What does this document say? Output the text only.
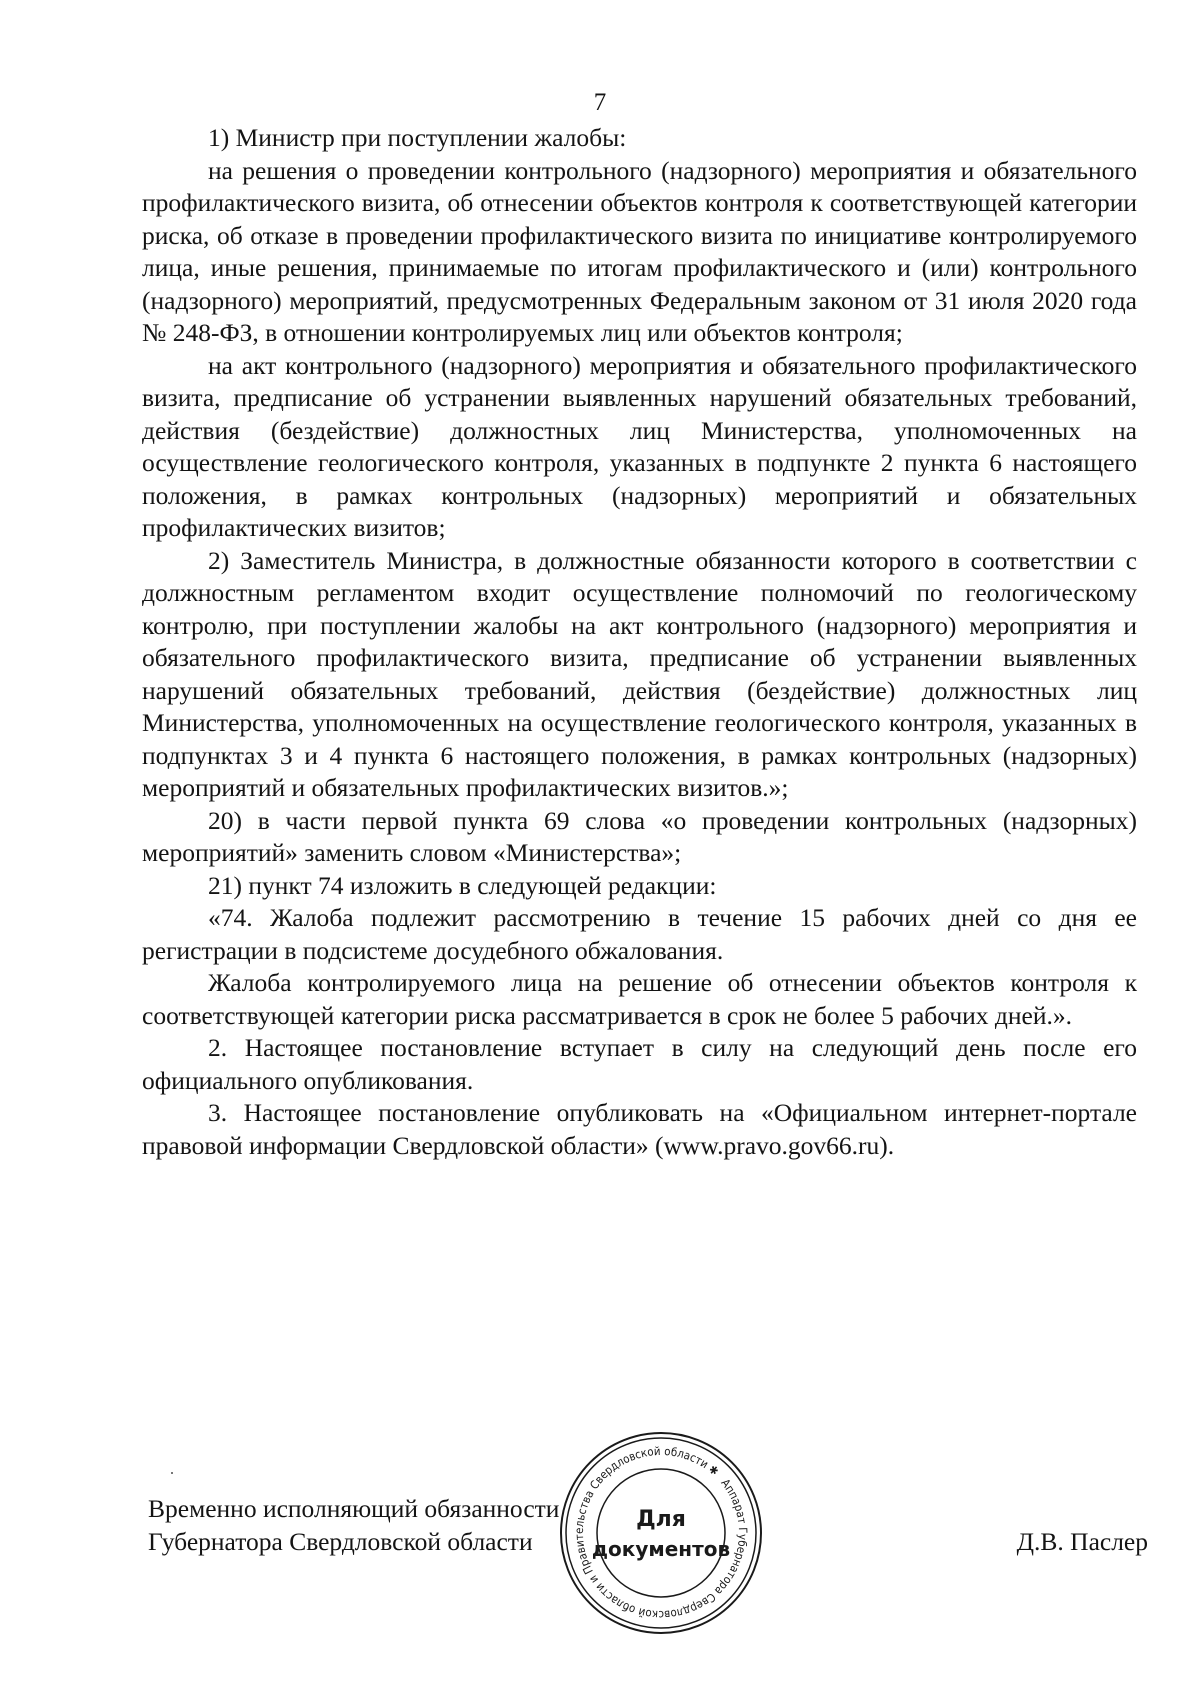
7

1) Министр при поступлении жалобы:

на решения о проведении контрольного (надзорного) мероприятия и обязательного профилактического визита, об отнесении объектов контроля к соответствующей категории риска, об отказе в проведении профилактического визита по инициативе контролируемого лица, иные решения, принимаемые по итогам профилактического и (или) контрольного (надзорного) мероприятий, предусмотренных Федеральным законом от 31 июля 2020 года № 248-ФЗ, в отношении контролируемых лиц или объектов контроля;

на акт контрольного (надзорного) мероприятия и обязательного профилактического визита, предписание об устранении выявленных нарушений обязательных требований, действия (бездействие) должностных лиц Министерства, уполномоченных на осуществление геологического контроля, указанных в подпункте 2 пункта 6 настоящего положения, в рамках контрольных (надзорных) мероприятий и обязательных профилактических визитов;

2) Заместитель Министра, в должностные обязанности которого в соответствии с должностным регламентом входит осуществление полномочий по геологическому контролю, при поступлении жалобы на акт контрольного (надзорного) мероприятия и обязательного профилактического визита, предписание об устранении выявленных нарушений обязательных требований, действия (бездействие) должностных лиц Министерства, уполномоченных на осуществление геологического контроля, указанных в подпунктах 3 и 4 пункта 6 настоящего положения, в рамках контрольных (надзорных) мероприятий и обязательных профилактических визитов.»;

20) в части первой пункта 69 слова «о проведении контрольных (надзорных) мероприятий» заменить словом «Министерства»;

21) пункт 74 изложить в следующей редакции:

«74. Жалоба подлежит рассмотрению в течение 15 рабочих дней со дня ее регистрации в подсистеме досудебного обжалования.

Жалоба контролируемого лица на решение об отнесении объектов контроля к соответствующей категории риска рассматривается в срок не более 5 рабочих дней.».

2. Настоящее постановление вступает в силу на следующий день после его официального опубликования.

3. Настоящее постановление опубликовать на «Официальном интернет-портале правовой информации Свердловской области» (www.pravo.gov66.ru).

Временно исполняющий обязанности
Губернатора Свердловской области	Д.В. Паслер
Аппарат Губернатора Свердловской области и Правительства Свердловской области ✱
Для
документов
